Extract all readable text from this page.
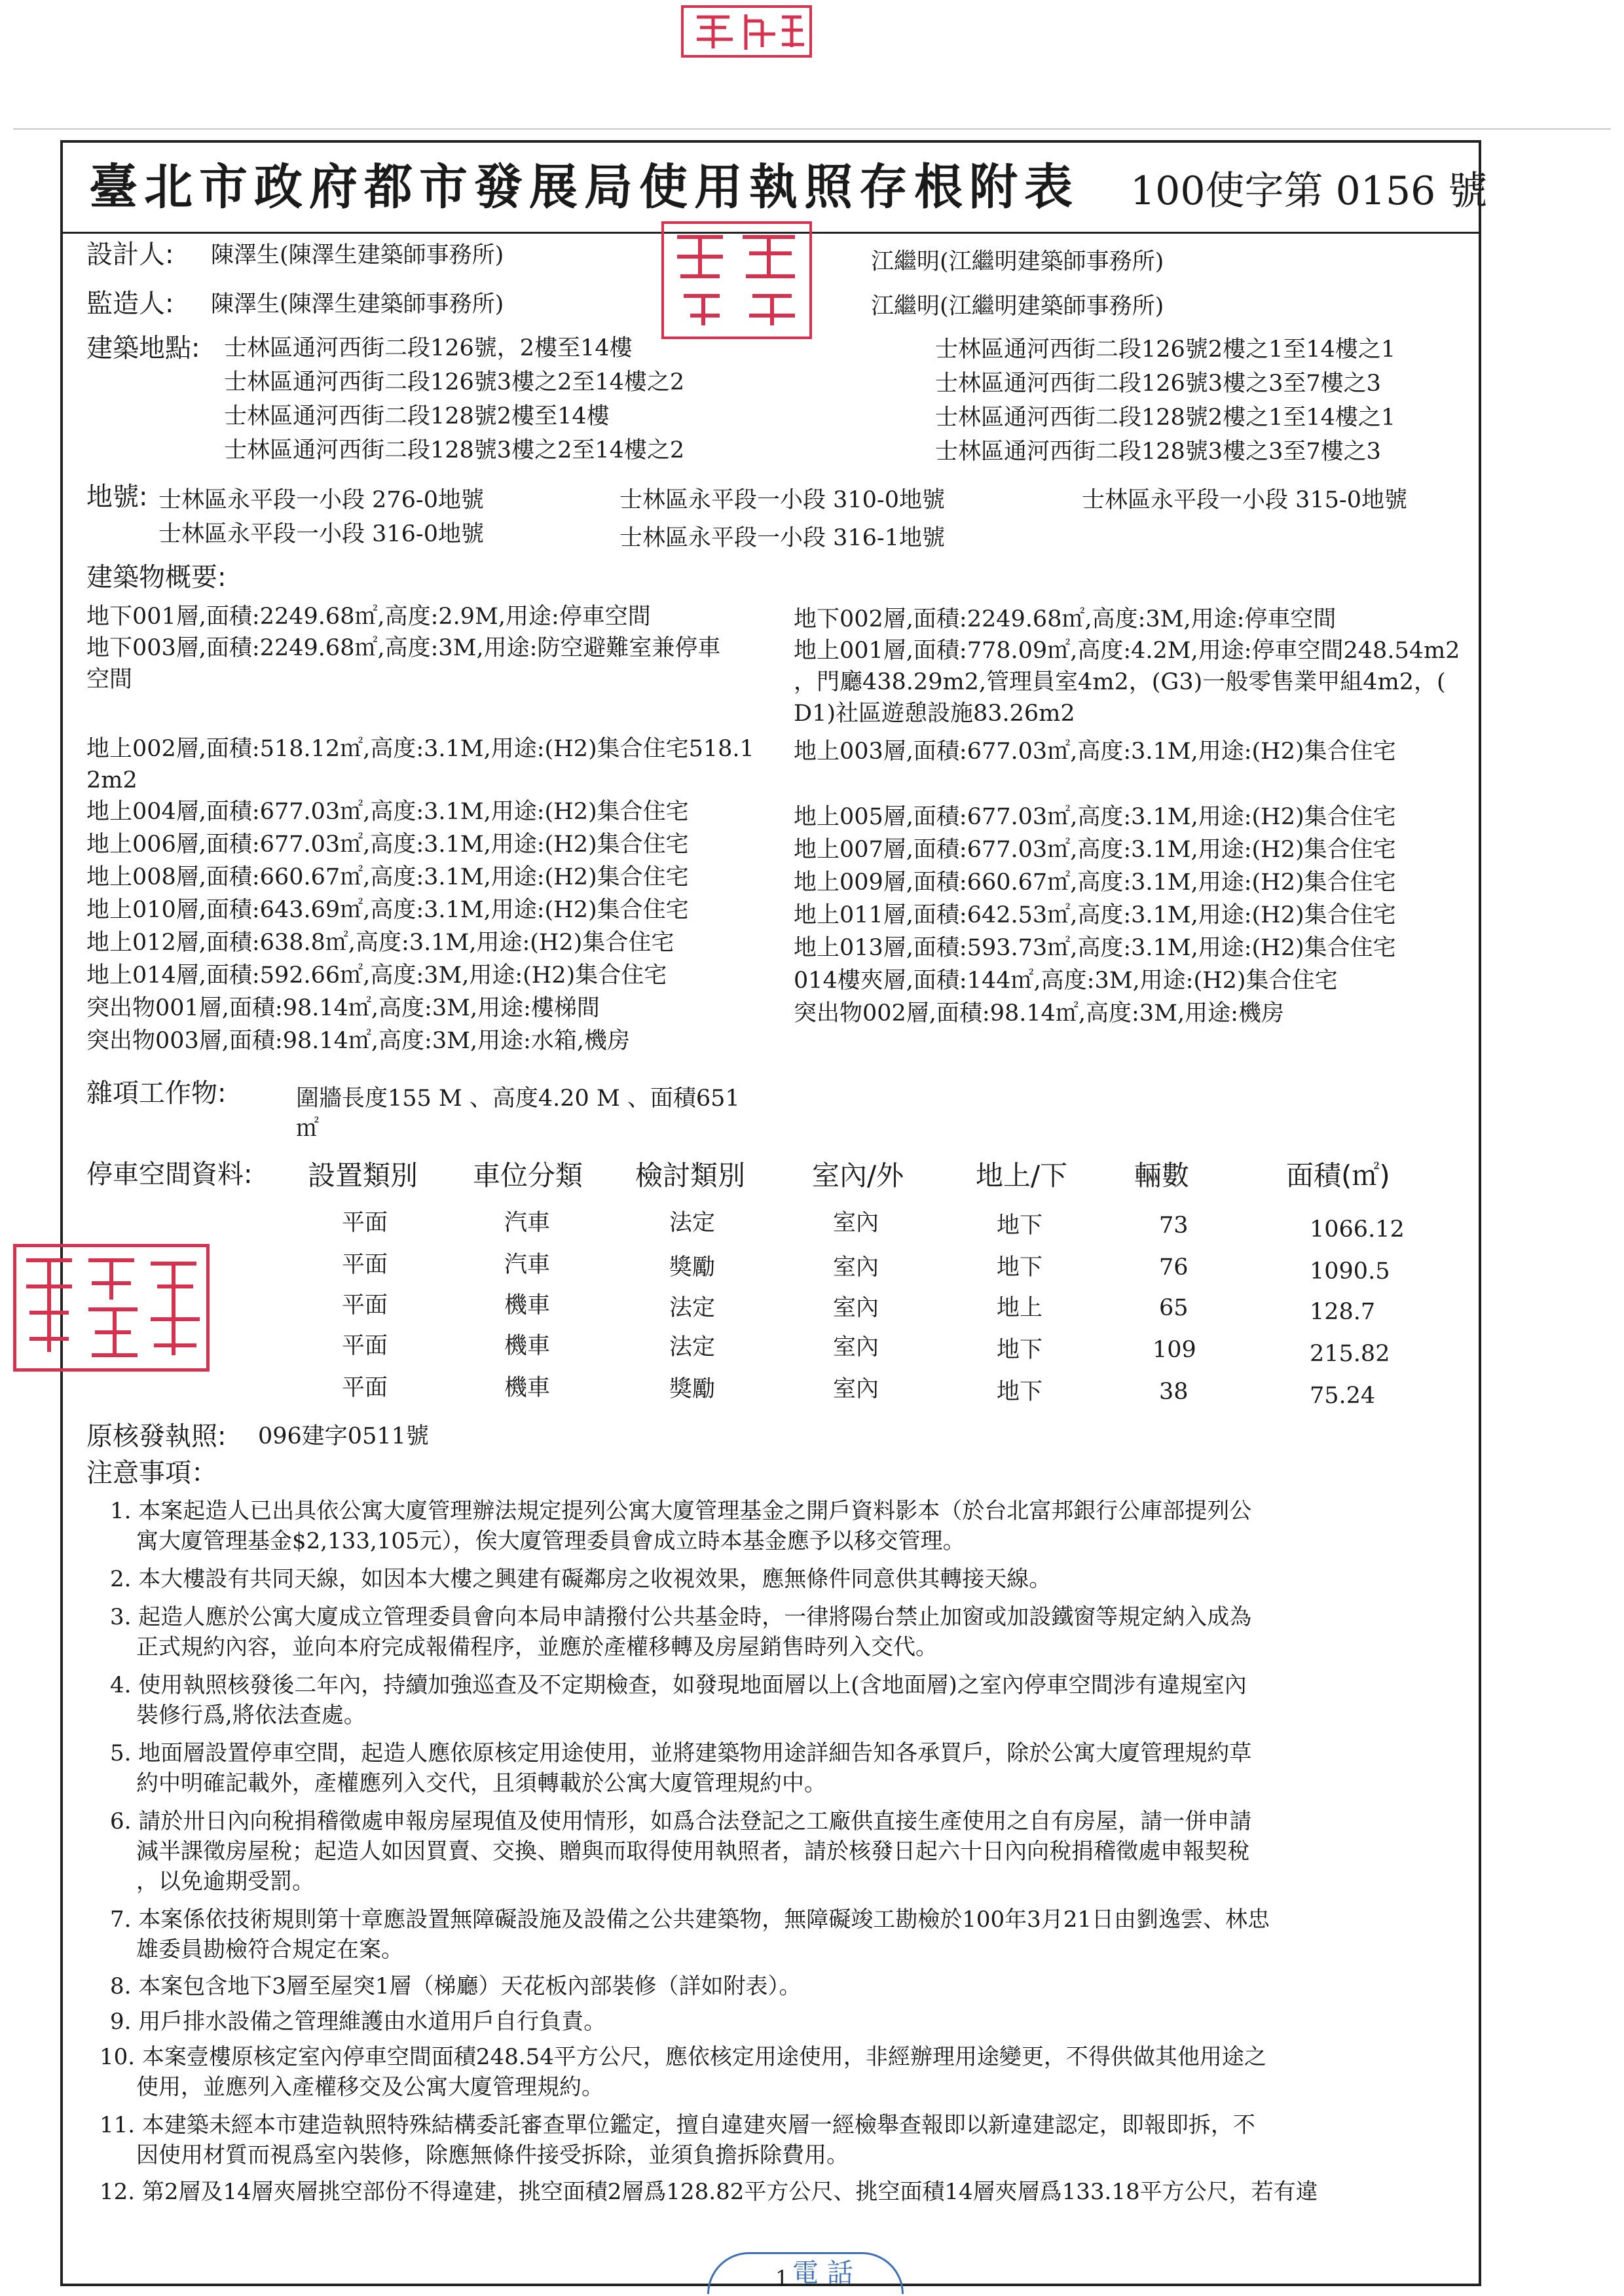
臺北市政府都市發展局使用執照存根附表 100使字第 0156 號
設計人: 陳澤生(陳澤生建築師事務所)	江繼明(江繼明建築師事務所)
監造人: 陳澤生(陳澤生建築師事務所)	江繼明(江繼明建築師事務所)
建築地點: 士林區通河西街二段126號，2樓至14樓
士林區通河西街二段126號3樓之2至14樓之2
士林區通河西街二段128號2樓至14樓
士林區通河西街二段128號3樓之2至14樓之2
士林區通河西街二段126號2樓之1至14樓之1
士林區通河西街二段126號3樓之3至7樓之3
士林區通河西街二段128號2樓之1至14樓之1
士林區通河西街二段128號3樓之3至7樓之3
地號: 士林區永平段一小段 276-0地號	士林區永平段一小段 310-0地號	士林區永平段一小段 315-0地號
士林區永平段一小段 316-0地號	士林區永平段一小段 316-1地號
建築物概要:
地下001層,面積:2249.68㎡,高度:2.9M,用途:停車空間
地下003層,面積:2249.68㎡,高度:3M,用途:防空避難室兼停車
空間
地上002層,面積:518.12㎡,高度:3.1M,用途:(H2)集合住宅518.1
2m2
地上004層,面積:677.03㎡,高度:3.1M,用途:(H2)集合住宅
地上006層,面積:677.03㎡,高度:3.1M,用途:(H2)集合住宅
地上008層,面積:660.67㎡,高度:3.1M,用途:(H2)集合住宅
地上010層,面積:643.69㎡,高度:3.1M,用途:(H2)集合住宅
地上012層,面積:638.8㎡,高度:3.1M,用途:(H2)集合住宅
地上014層,面積:592.66㎡,高度:3M,用途:(H2)集合住宅
突出物001層,面積:98.14㎡,高度:3M,用途:樓梯間
突出物003層,面積:98.14㎡,高度:3M,用途:水箱,機房
地下002層,面積:2249.68㎡,高度:3M,用途:停車空間
地上001層,面積:778.09㎡,高度:4.2M,用途:停車空間248.54m2
，門廳438.29m2,管理員室4m2，(G3)一般零售業甲組4m2，(
D1)社區遊憩設施83.26m2
地上003層,面積:677.03㎡,高度:3.1M,用途:(H2)集合住宅
地上005層,面積:677.03㎡,高度:3.1M,用途:(H2)集合住宅
地上007層,面積:677.03㎡,高度:3.1M,用途:(H2)集合住宅
地上009層,面積:660.67㎡,高度:3.1M,用途:(H2)集合住宅
地上011層,面積:642.53㎡,高度:3.1M,用途:(H2)集合住宅
地上013層,面積:593.73㎡,高度:3.1M,用途:(H2)集合住宅
014樓夾層,面積:144㎡,高度:3M,用途:(H2)集合住宅
突出物002層,面積:98.14㎡,高度:3M,用途:機房
雜項工作物:	圍牆長度155 M 、高度4.20 M 、面積651
㎡
停車空間資料: 設置類別 車位分類 檢討類別 室內/外	地上/下 輛數	面積(㎡)
平面	汽車	法定	室內	地下	73	1066.12
平面	汽車	獎勵	室內	地下	76	1090.5
平面	機車	法定	室內	地上	65	128.7
平面	機車	法定	室內	地下	109	215.82
平面	機車	獎勵	室內	地下	38	75.24
原核發執照: 096建字0511號
注意事項：
1. 本案起造人已出具依公寓大廈管理辦法規定提列公寓大廈管理基金之開戶資料影本（於台北富邦銀行公庫部提列公
寓大廈管理基金$2,133,105元），俟大廈管理委員會成立時本基金應予以移交管理。
2. 本大樓設有共同天線，如因本大樓之興建有礙鄰房之收視效果，應無條件同意供其轉接天線。
3. 起造人應於公寓大廈成立管理委員會向本局申請撥付公共基金時，一律將陽台禁止加窗或加設鐵窗等規定納入成為
正式規約內容，並向本府完成報備程序，並應於產權移轉及房屋銷售時列入交代。
4. 使用執照核發後二年內，持續加強巡查及不定期檢查，如發現地面層以上(含地面層)之室內停車空間涉有違規室內
裝修行爲,將依法查處。
5. 地面層設置停車空間，起造人應依原核定用途使用，並將建築物用途詳細告知各承買戶，除於公寓大廈管理規約草
約中明確記載外，產權應列入交代，且須轉載於公寓大廈管理規約中。
6. 請於卅日內向稅捐稽徵處申報房屋現值及使用情形，如爲合法登記之工廠供直接生產使用之自有房屋，請一併申請
減半課徵房屋稅；起造人如因買賣、交換、贈與而取得使用執照者，請於核發日起六十日內向稅捐稽徵處申報契稅
，以免逾期受罰。
7. 本案係依技術規則第十章應設置無障礙設施及設備之公共建築物，無障礙竣工勘檢於100年3月21日由劉逸雲、林忠
雄委員勘檢符合規定在案。
8. 本案包含地下3層至屋突1層（梯廳）天花板內部裝修（詳如附表）。
9. 用戶排水設備之管理維護由水道用戶自行負責。
10. 本案壹樓原核定室內停車空間面積248.54平方公尺，應依核定用途使用，非經辦理用途變更，不得供做其他用途之
使用，並應列入產權移交及公寓大廈管理規約。
11. 本建築未經本市建造執照特殊結構委託審查單位鑑定，擅自違建夾層一經檢舉查報即以新違建認定，即報即拆，不
因使用材質而視爲室內裝修，除應無條件接受拆除，並須負擔拆除費用。
12. 第2層及14層夾層挑空部份不得違建，挑空面積2層爲128.82平方公尺、挑空面積14層夾層爲133.18平方公尺，若有違
電 話
1
